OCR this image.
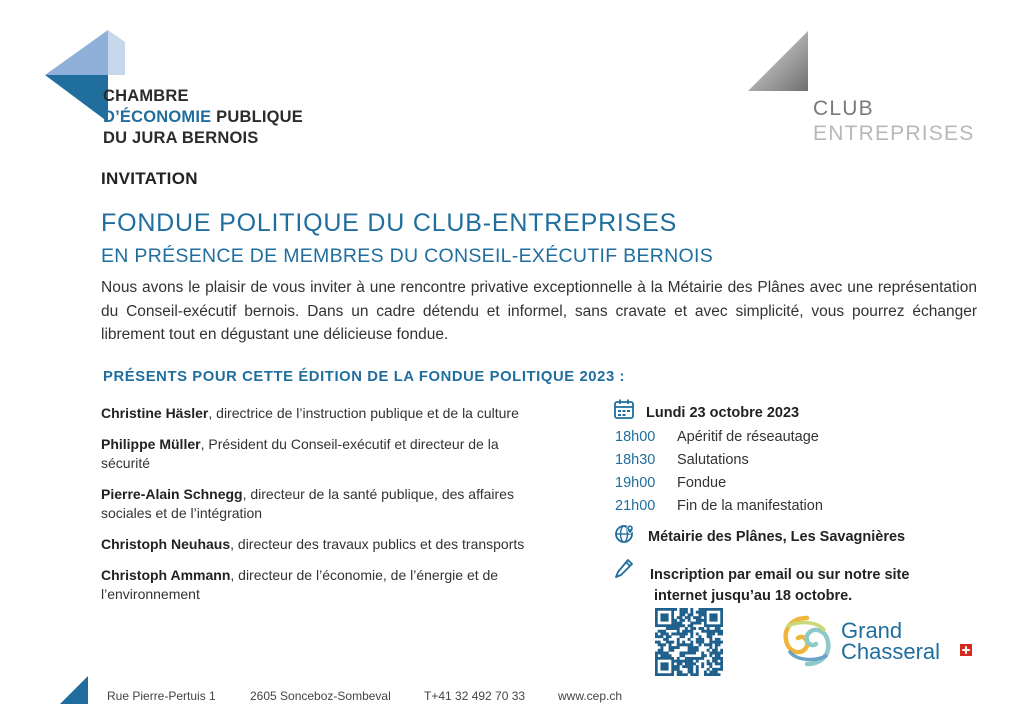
CHAMBRE
D’ÉCONOMIE PUBLIQUE
DU JURA BERNOIS
CLUB
ENTREPRISES
INVITATION
FONDUE POLITIQUE DU CLUB-ENTREPRISES
EN PRÉSENCE DE MEMBRES DU CONSEIL-EXÉCUTIF BERNOIS
Nous avons le plaisir de vous inviter à une rencontre privative exceptionnelle à la Métairie des Plânes avec une représentation du Conseil-exécutif bernois. Dans un cadre détendu et informel, sans cravate et avec simplicité, vous pourrez échanger librement tout en dégustant une délicieuse fondue.
PRÉSENTS POUR CETTE ÉDITION DE LA FONDUE POLITIQUE 2023 :
Christine Häsler, directrice de l’instruction publique et de la culture
Philippe Müller, Président du Conseil-exécutif et directeur de la sécurité
Pierre-Alain Schnegg, directeur de la santé publique, des affaires sociales et de l’intégration
Christoph Neuhaus, directeur des travaux publics et des transports
Christoph Ammann, directeur de l’économie, de l’énergie et de l’environnement
Lundi 23 octobre 2023
18h00 Apéritif de réseautage
18h30 Salutations
19h00 Fondue
21h00 Fin de la manifestation
Métairie des Plânes, Les Savagnières
Inscription par email ou sur notre site
internet jusqu’au 18 octobre.
Grand
Chasseral
Rue Pierre-Pertuis 1	2605 Sonceboz-Sombeval	T+41 32 492 70 33	www.cep.ch
